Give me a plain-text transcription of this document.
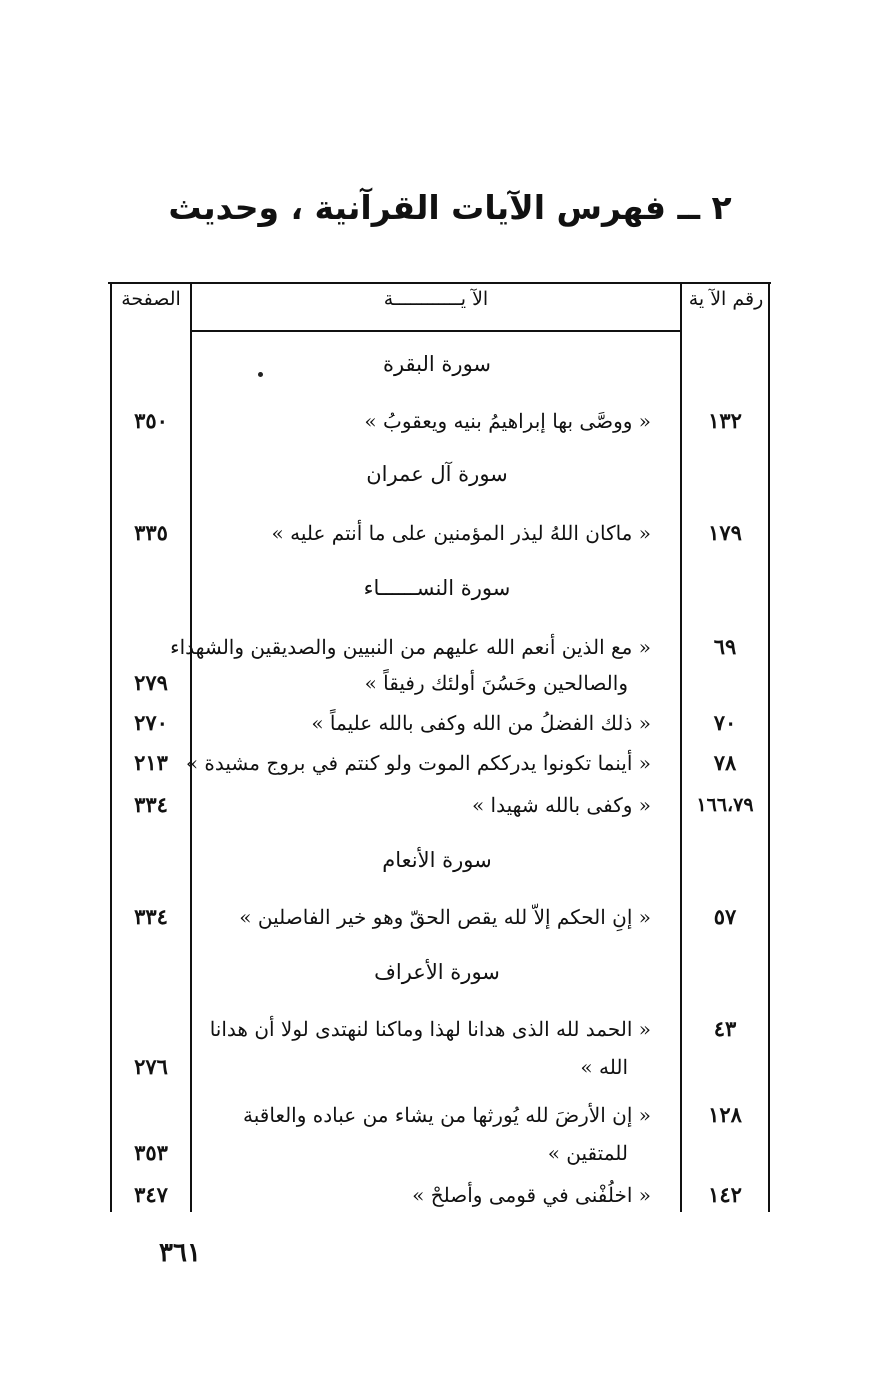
٢ ــ فهرس الآيات القرآنية ، وحديث
رقم الآ ية
الآ يــــــــــــة
الصفحة
سورة البقرة
سورة آل عمران
سورة النســــــاء
سورة الأنعام
سورة الأعراف
١٣٢
« ووصَّى بها إبراهيمُ بنيه ويعقوبُ »
٣٥٠
١٧٩
« ماكان اللهُ ليذر المؤمنين على ما أنتم عليه »
٣٣٥
٦٩
« مع الذين أنعم الله عليهم من النبيين والصديقين والشهداء
والصالحين وحَسُنَ أولئك رفيقاً »
٢٧٩
٧٠
« ذلك الفضلُ من الله وكفى بالله عليماً »
٢٧٠
٧٨
« أينما تكونوا يدرككم الموت ولو كنتم في بروج مشيدة »
٢١٣
١٦٦،٧٩
« وكفى بالله شهيدا »
٣٣٤
٥٧
« إنِ الحكم إلاّ لله يقص الحقّ وهو خير الفاصلين »
٣٣٤
٤٣
« الحمد لله الذى هدانا لهذا وماكنا لنهتدى لولا أن هدانا
الله »
٢٧٦
١٢٨
« إن الأرضَ لله يُورثها من يشاء من عباده والعاقبة
للمتقين »
٣٥٣
١٤٢
« اخلُفْنى في قومى وأصلحْ »
٣٤٧
٣٦١
